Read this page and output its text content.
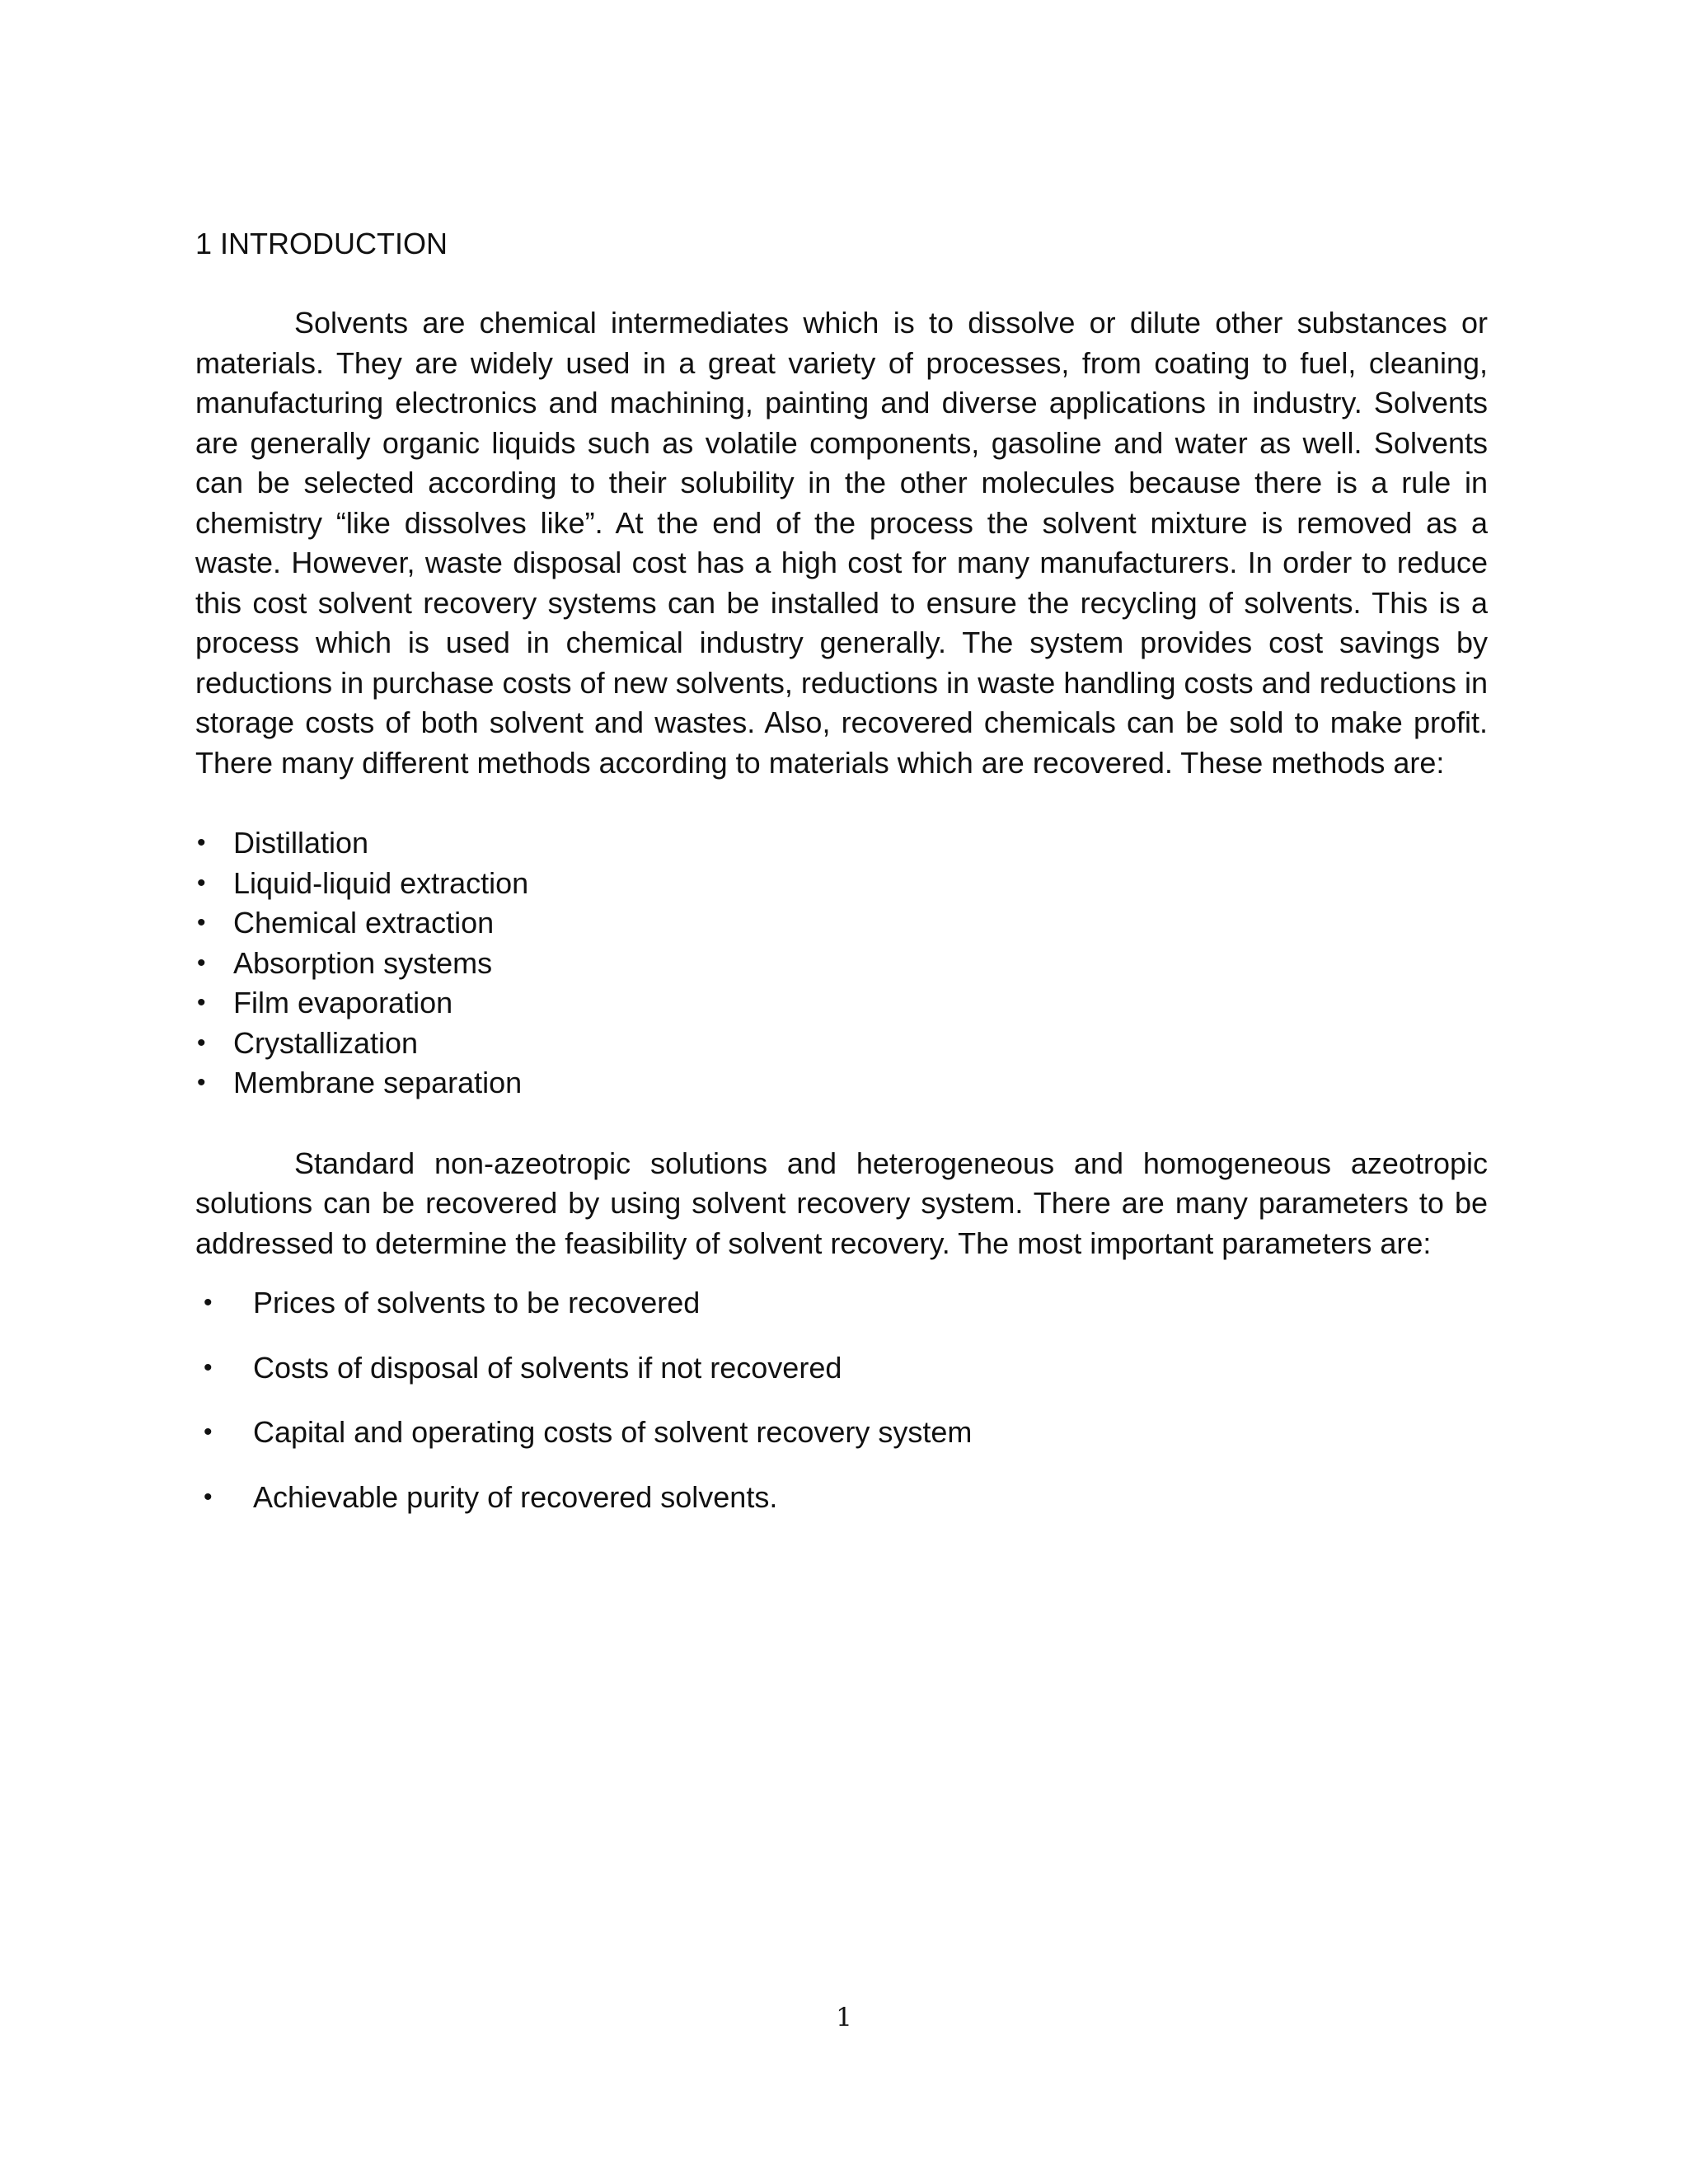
1 INTRODUCTION

Solvents are chemical intermediates which is to dissolve or dilute other substances or materials. They are widely used in a great variety of processes, from coating to fuel, cleaning, manufacturing electronics and machining, painting and diverse applications in industry. Solvents are generally organic liquids such as volatile components, gasoline and water as well. Solvents can be selected according to their solubility in the other molecules because there is a rule in chemistry “like dissolves like”. At the end of the process the solvent mixture is removed as a waste. However, waste disposal cost has a high cost for many manufacturers. In order to reduce this cost solvent recovery systems can be installed to ensure the recycling of solvents. This is a process which is used in chemical industry generally. The system provides cost savings by reductions in purchase costs of new solvents, reductions in waste handling costs and reductions in storage costs of both solvent and wastes. Also, recovered chemicals can be sold to make profit. There many different methods according to materials which are recovered. These methods are:

• Distillation
• Liquid-liquid extraction
• Chemical extraction
• Absorption systems
• Film evaporation
• Crystallization
• Membrane separation

Standard non-azeotropic solutions and heterogeneous and homogeneous azeotropic solutions can be recovered by using solvent recovery system. There are many parameters to be addressed to determine the feasibility of solvent recovery. The most important parameters are:

• Prices of solvents to be recovered
• Costs of disposal of solvents if not recovered
• Capital and operating costs of solvent recovery system
• Achievable purity of recovered solvents.
1
